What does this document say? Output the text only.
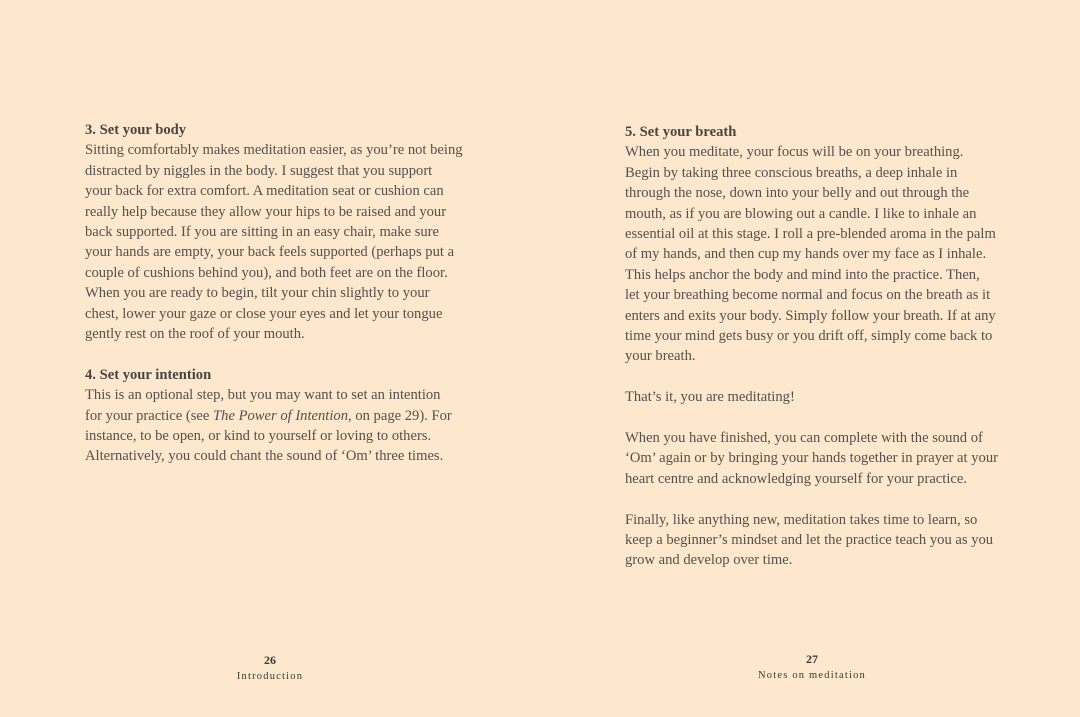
3. Set your body
Sitting comfortably makes meditation easier, as you’re not being
distracted by niggles in the body. I suggest that you support
your back for extra comfort. A meditation seat or cushion can
really help because they allow your hips to be raised and your
back supported. If you are sitting in an easy chair, make sure
your hands are empty, your back feels supported (perhaps put a
couple of cushions behind you), and both feet are on the floor.
When you are ready to begin, tilt your chin slightly to your
chest, lower your gaze or close your eyes and let your tongue
gently rest on the roof of your mouth.
4. Set your intention
This is an optional step, but you may want to set an intention
for your practice (see The Power of Intention, on page 29). For
instance, to be open, or kind to yourself or loving to others.
Alternatively, you could chant the sound of ‘Om’ three times.
26
Introduction
5. Set your breath
When you meditate, your focus will be on your breathing.
Begin by taking three conscious breaths, a deep inhale in
through the nose, down into your belly and out through the
mouth, as if you are blowing out a candle. I like to inhale an
essential oil at this stage. I roll a pre-blended aroma in the palm
of my hands, and then cup my hands over my face as I inhale.
This helps anchor the body and mind into the practice. Then,
let your breathing become normal and focus on the breath as it
enters and exits your body. Simply follow your breath. If at any
time your mind gets busy or you drift off, simply come back to
your breath.
That’s it, you are meditating!
When you have finished, you can complete with the sound of
‘Om’ again or by bringing your hands together in prayer at your
heart centre and acknowledging yourself for your practice.
Finally, like anything new, meditation takes time to learn, so
keep a beginner’s mindset and let the practice teach you as you
grow and develop over time.
27
Notes on meditation
